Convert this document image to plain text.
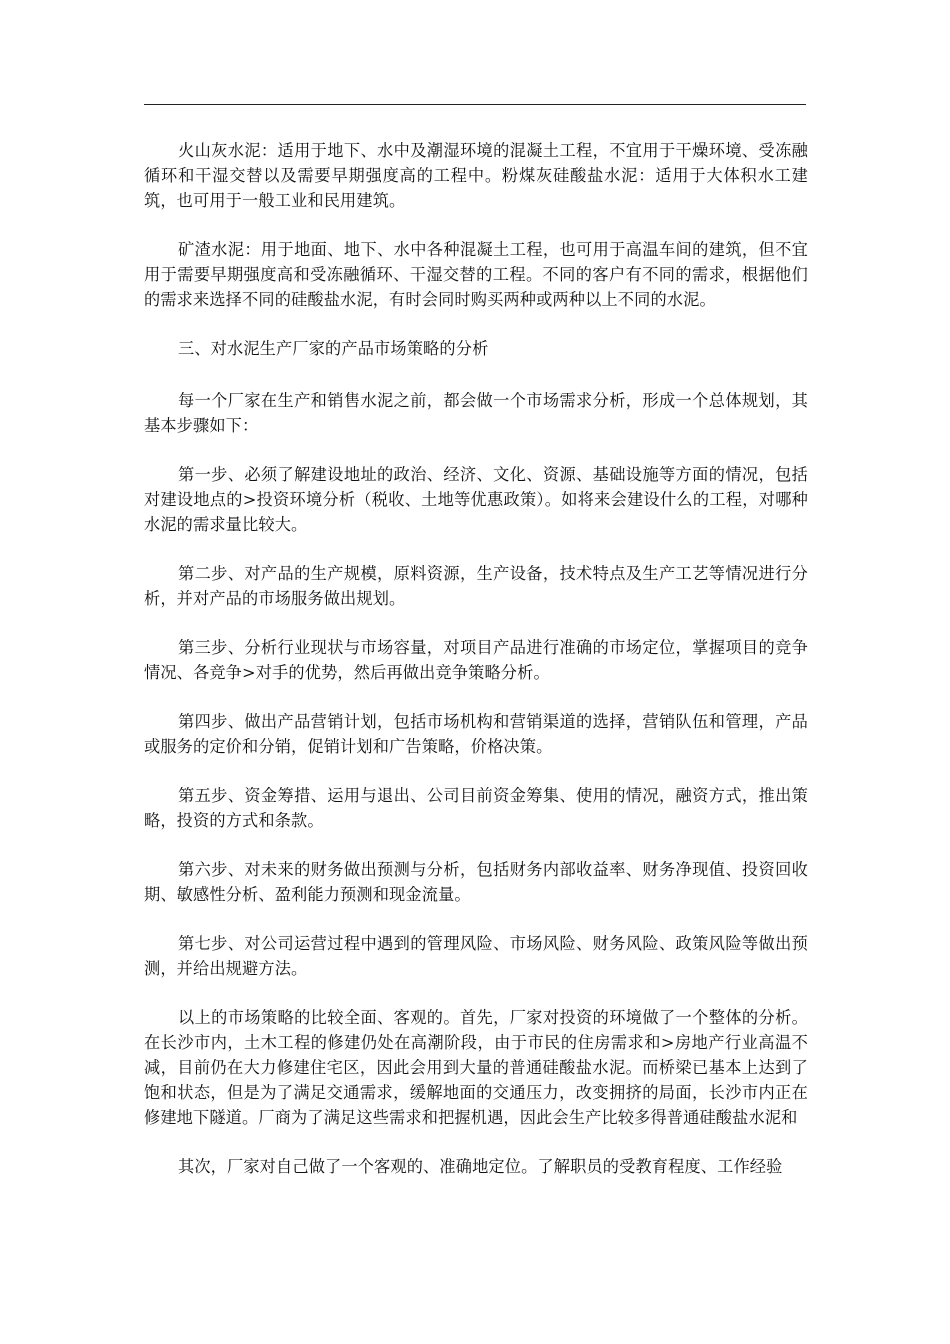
火山灰水泥：适用于地下、水中及潮湿环境的混凝土工程，不宜用于干燥环境、受冻融循环和干湿交替以及需要早期强度高的工程中。粉煤灰硅酸盐水泥：适用于大体积水工建筑，也可用于一般工业和民用建筑。

矿渣水泥：用于地面、地下、水中各种混凝土工程，也可用于高温车间的建筑，但不宜用于需要早期强度高和受冻融循环、干湿交替的工程。不同的客户有不同的需求，根据他们的需求来选择不同的硅酸盐水泥，有时会同时购买两种或两种以上不同的水泥。

三、对水泥生产厂家的产品市场策略的分析

每一个厂家在生产和销售水泥之前，都会做一个市场需求分析，形成一个总体规划，其基本步骤如下：

第一步、必须了解建设地址的政治、经济、文化、资源、基础设施等方面的情况，包括对建设地点的>投资环境分析（税收、土地等优惠政策）。如将来会建设什么的工程，对哪种水泥的需求量比较大。

第二步、对产品的生产规模，原料资源，生产设备，技术特点及生产工艺等情况进行分析，并对产品的市场服务做出规划。

第三步、分析行业现状与市场容量，对项目产品进行准确的市场定位，掌握项目的竞争情况、各竞争>对手的优势，然后再做出竞争策略分析。

第四步、做出产品营销计划，包括市场机构和营销渠道的选择，营销队伍和管理，产品或服务的定价和分销，促销计划和广告策略，价格决策。

第五步、资金筹措、运用与退出、公司目前资金筹集、使用的情况，融资方式，推出策略，投资的方式和条款。

第六步、对未来的财务做出预测与分析，包括财务内部收益率、财务净现值、投资回收期、敏感性分析、盈利能力预测和现金流量。

第七步、对公司运营过程中遇到的管理风险、市场风险、财务风险、政策风险等做出预测，并给出规避方法。

以上的市场策略的比较全面、客观的。首先，厂家对投资的环境做了一个整体的分析。在长沙市内，土木工程的修建仍处在高潮阶段，由于市民的住房需求和>房地产行业高温不减，目前仍在大力修建住宅区，因此会用到大量的普通硅酸盐水泥。而桥梁已基本上达到了饱和状态，但是为了满足交通需求，缓解地面的交通压力，改变拥挤的局面，长沙市内正在修建地下隧道。厂商为了满足这些需求和把握机遇，因此会生产比较多得普通硅酸盐水泥和

其次，厂家对自己做了一个客观的、准确地定位。了解职员的受教育程度、工作经验
